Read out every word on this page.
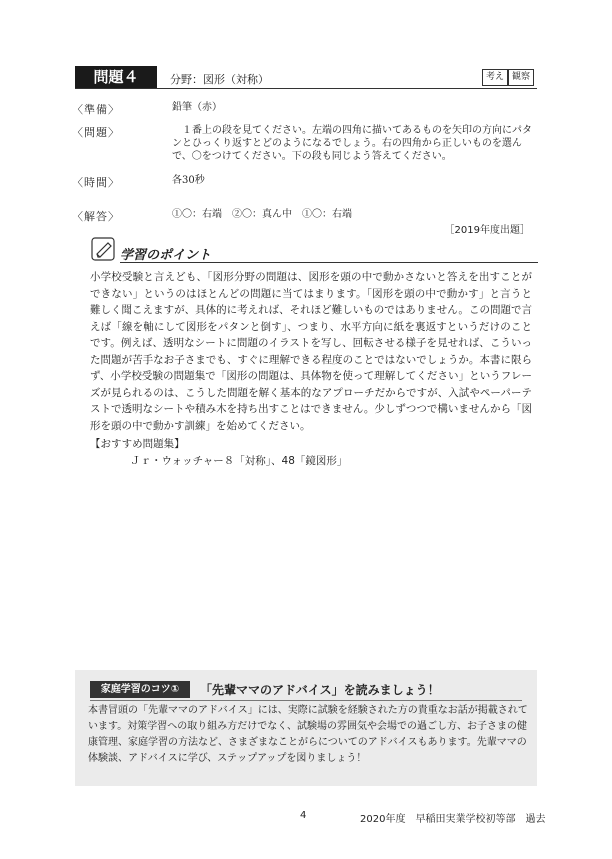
問題４	分野：図形（対称）	考え 観察
〈準備〉	鉛筆（赤）
〈問題〉	　１番上の段を見てください。左端の四角に描いてあるものを矢印の方向にパタンとひっくり返すとどのようになるでしょう。右の四角から正しいものを選んで、〇をつけてください。下の段も同じよう答えてください。
〈時間〉	各30秒
〈解答〉	①〇：右端　②〇：真ん中　①〇：右端
［2019年度出題］
学習のポイント
小学校受験と言えども、「図形分野の問題は、図形を頭の中で動かさないと答えを出すことができない」というのはほとんどの問題に当てはまります。「図形を頭の中で動かす」と言うと難しく聞こえますが、具体的に考えれば、それほど難しいものではありません。この問題で言えば「線を軸にして図形をパタンと倒す」、つまり、水平方向に紙を裏返すというだけのことです。例えば、透明なシートに問題のイラストを写し、回転させる様子を見せれば、こういった問題が苦手なお子さまでも、すぐに理解できる程度のことではないでしょうか。本書に限らず、小学校受験の問題集で「図形の問題は、具体物を使って理解してください」というフレーズが見られるのは、こうした問題を解く基本的なアプローチだからですが、入試やペーパーテストで透明なシートや積み木を持ち出すことはできません。少しずつつで構いませんから「図形を頭の中で動かす訓練」を始めてください。
【おすすめ問題集】
Ｊｒ・ウォッチャー８「対称」、48「鏡図形」
家庭学習のコツ①	「先輩ママのアドバイス」を読みましょう！
本書冒頭の「先輩ママのアドバイス」には、実際に試験を経験された方の貴重なお話が掲載されています。対策学習への取り組み方だけでなく、試験場の雰囲気や会場での過ごし方、お子さまの健康管理、家庭学習の方法など、さまざまなことがらについてのアドバイスもあります。先輩ママの体験談、アドバイスに学び、ステップアップを図りましょう！
4	2020年度　早稲田実業学校初等部　過去
